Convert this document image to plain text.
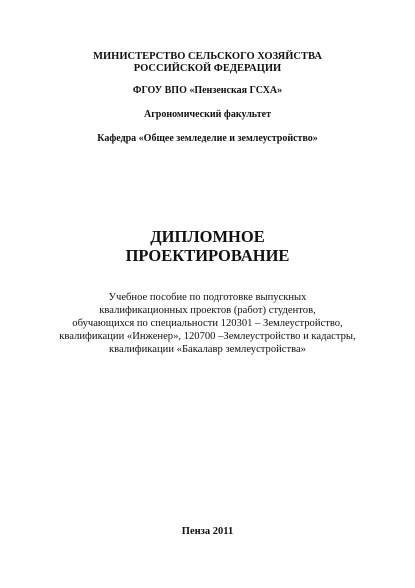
МИНИСТЕРСТВО СЕЛЬСКОГО ХОЗЯЙСТВА
РОССИЙСКОЙ ФЕДЕРАЦИИ
ФГОУ ВПО «Пензенская ГСХА»
Агрономический факультет
Кафедра «Общее земледелие и землеустройство»
ДИПЛОМНОЕ
ПРОЕКТИРОВАНИЕ
Учебное пособие по подготовке выпускных
квалификационных проектов (работ) студентов,
обучающихся по специальности 120301 – Землеустройство,
квалификации «Инженер», 120700 –Землеустройство и кадастры,
квалификации «Бакалавр землеустройства»
Пенза 2011
